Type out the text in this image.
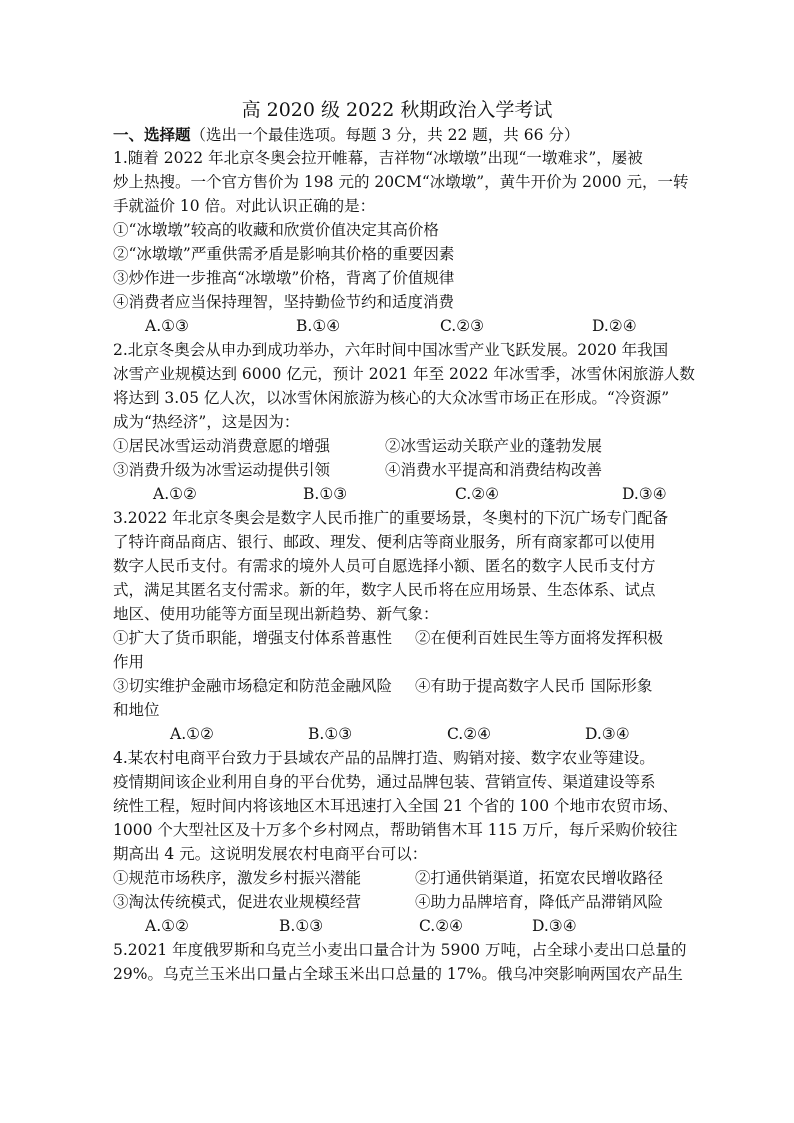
高 2020 级 2022 秋期政治入学考试
一、选择题（选出一个最佳选项。每题 3 分，共 22 题，共 66 分）
1.随着 2022 年北京冬奥会拉开帷幕，吉祥物“冰墩墩”出现“一墩难求”，屡被
炒上热搜。一个官方售价为 198 元的 20CM“冰墩墩”，黄牛开价为 2000 元，一转
手就溢价 10 倍。对此认识正确的是：
①“冰墩墩”较高的收藏和欣赏价值决定其高价格
②“冰墩墩”严重供需矛盾是影响其价格的重要因素
③炒作进一步推高“冰墩墩”价格，背离了价值规律
④消费者应当保持理智，坚持勤俭节约和适度消费
A.①③	B.①④	C.②③	D.②④
2.北京冬奥会从申办到成功举办，六年时间中国冰雪产业飞跃发展。2020 年我国
冰雪产业规模达到 6000 亿元，预计 2021 年至 2022 年冰雪季，冰雪休闲旅游人数
将达到 3.05 亿人次，以冰雪休闲旅游为核心的大众冰雪市场正在形成。“冷资源”
成为“热经济”，这是因为：
①居民冰雪运动消费意愿的增强	②冰雪运动关联产业的蓬勃发展
③消费升级为冰雪运动提供引领	④消费水平提高和消费结构改善
A.①②	B.①③	C.②④	D.③④
3.2022 年北京冬奥会是数字人民币推广的重要场景，冬奥村的下沉广场专门配备
了特许商品商店、银行、邮政、理发、便利店等商业服务，所有商家都可以使用
数字人民币支付。有需求的境外人员可自愿选择小额、匿名的数字人民币支付方
式，满足其匿名支付需求。新的年，数字人民币将在应用场景、生态体系、试点
地区、使用功能等方面呈现出新趋势、新气象：
①扩大了货币职能，增强支付体系普惠性 ②在便利百姓民生等方面将发挥积极
作用
③切实维护金融市场稳定和防范金融风险 ④有助于提高数字人民币 国际形象
和地位
A.①②	B.①③	C.②④	D.③④
4.某农村电商平台致力于县域农产品的品牌打造、购销对接、数字农业等建设。
疫情期间该企业利用自身的平台优势，通过品牌包装、营销宣传、渠道建设等系
统性工程，短时间内将该地区木耳迅速打入全国 21 个省的 100 个地市农贸市场、
1000 个大型社区及十万多个乡村网点，帮助销售木耳 115 万斤，每斤采购价较往
期高出 4 元。这说明发展农村电商平台可以：
①规范市场秩序，激发乡村振兴潜能	②打通供销渠道，拓宽农民增收路径
③淘汰传统模式，促进农业规模经营	④助力品牌培育，降低产品滞销风险
A.①②	B.①③	C.②④	D.③④
5.2021 年度俄罗斯和乌克兰小麦出口量合计为 5900 万吨，占全球小麦出口总量的
29%。乌克兰玉米出口量占全球玉米出口总量的 17%。俄乌冲突影响两国农产品生
